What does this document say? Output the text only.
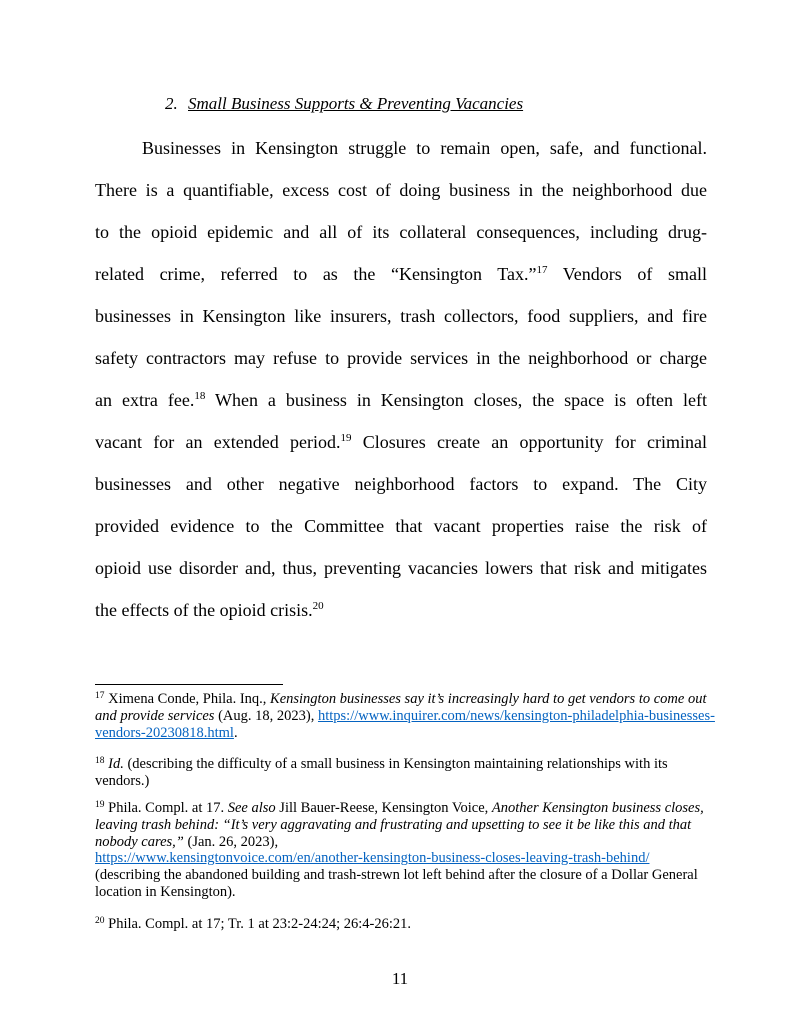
2. Small Business Supports & Preventing Vacancies
Businesses in Kensington struggle to remain open, safe, and functional.
There is a quantifiable, excess cost of doing business in the neighborhood due
to the opioid epidemic and all of its collateral consequences, including drug-
related crime, referred to as the “Kensington Tax.”$^{17}$ Vendors of small
businesses in Kensington like insurers, trash collectors, food suppliers, and fire
safety contractors may refuse to provide services in the neighborhood or charge
an extra fee.$^{18}$ When a business in Kensington closes, the space is often left
vacant for an extended period.$^{19}$ Closures create an opportunity for criminal
businesses and other negative neighborhood factors to expand. The City
provided evidence to the Committee that vacant properties raise the risk of
opioid use disorder and, thus, preventing vacancies lowers that risk and mitigates
the effects of the opioid crisis.$^{20}$
$^{17}$ Ximena Conde, Phila. Inq., Kensington businesses say it’s increasingly hard to get vendors to come out and provide services (Aug. 18, 2023), https://www.inquirer.com/news/kensington-philadelphia-businesses-vendors-20230818.html.
$^{18}$ Id. (describing the difficulty of a small business in Kensington maintaining relationships with its vendors.)
$^{19}$ Phila. Compl. at 17. See also Jill Bauer-Reese, Kensington Voice, Another Kensington business closes, leaving trash behind: “It’s very aggravating and frustrating and upsetting to see it be like this and that nobody cares,” (Jan. 26, 2023),
https://www.kensingtonvoice.com/en/another-kensington-business-closes-leaving-trash-behind/ (describing the abandoned building and trash-strewn lot left behind after the closure of a Dollar General location in Kensington).
$^{20}$ Phila. Compl. at 17; Tr. 1 at 23:2-24:24; 26:4-26:21.
11
